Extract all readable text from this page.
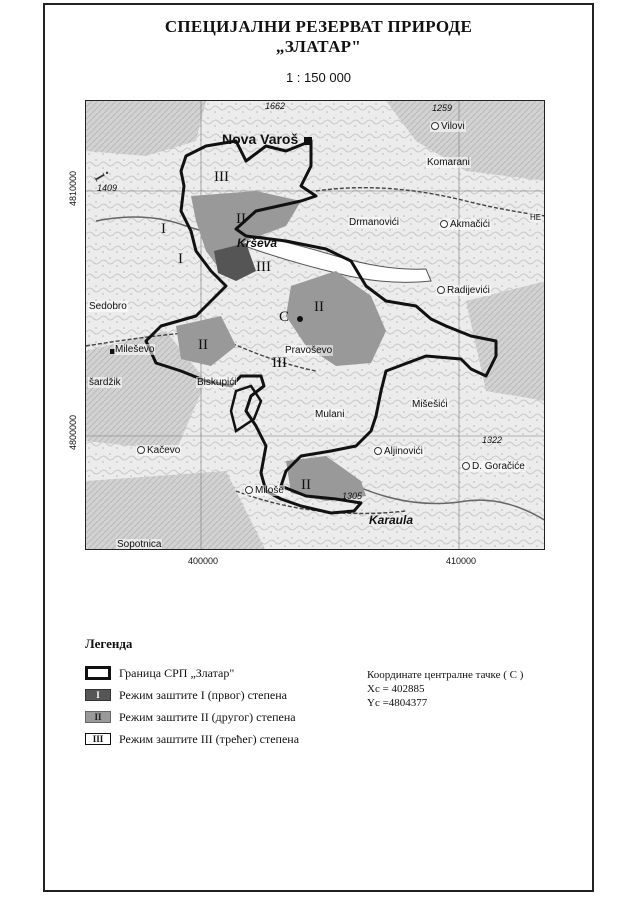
СПЕЦИЈАЛНИ РЕЗЕРВАТ ПРИРОДЕ
„ЗЛАТАР"
1 : 150 000
400000	410000
4810000
4800000
i
Nova Varoš
Vilovi
Komarani
Drmanovići	Akmačići
Radijevići
Sedobro
Mileševo
šardžik	Biskupići
Pravoševo
Mulani
Mišešići
Aljinovići
D. Goračiće
Kačevo
Miloše
Karaula
Sopotnica
Krševa
1409
1259
1662
1322
1305
HE
III
II
I
I	III
II
C
II
III
II
Легенда
Граница СРП „Златар"
I	Режим заштите I (првог) степена
II	Режим заштите II (другог) степена
III	Режим заштите III (трећег) степена
Координате централне тачке ( C )
Xc = 402885
Yc =4804377
